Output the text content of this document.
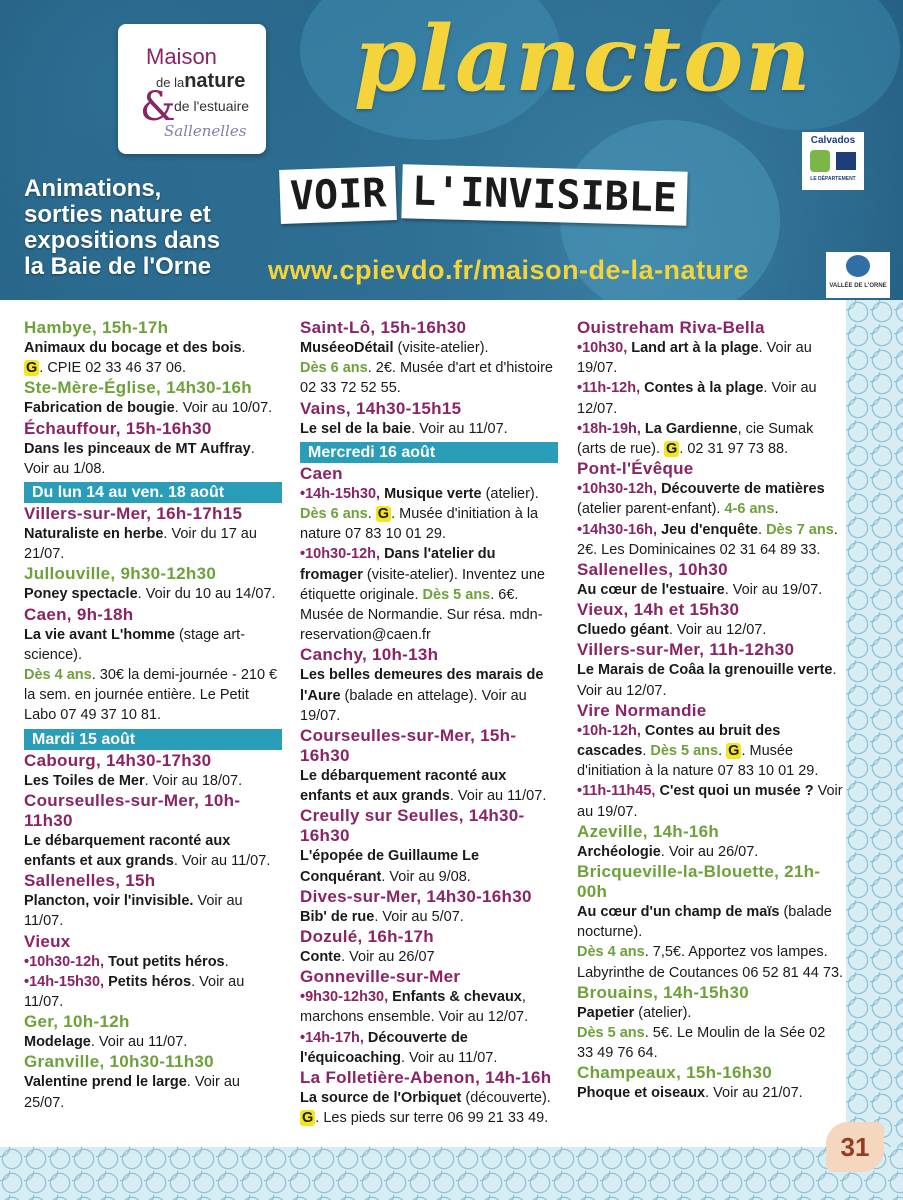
Maison
de lanature
&
de l'estuaire
Sallenelles
Animations,
sorties nature et
expositions dans
la Baie de l'Orne
plancton
VOIR L'INVISIBLE
www.cpievdo.fr/maison-de-la-nature
Calvados
LE DÉPARTEMENT
VALLÉE DE L'ORNE
31
Hambye, 15h-17h
Animaux du bocage et des bois.
G . CPIE 02 33 46 37 06.
Ste-Mère-Église, 14h30-16h
Fabrication de bougie. Voir au 10/07.
Échauffour, 15h-16h30
Dans les pinceaux de MT Auffray. Voir au 1/08.
Du lun 14 au ven. 18 août
Villers-sur-Mer, 16h-17h15
Naturaliste en herbe. Voir du 17 au 21/07.
Jullouville, 9h30-12h30
Poney spectacle. Voir du 10 au 14/07.
Caen, 9h-18h
La vie avant L'homme (stage art-science).
Dès 4 ans. 30€ la demi-journée - 210 € la sem. en journée entière. Le Petit Labo 07 49 37 10 81.
Mardi 15 août
Cabourg, 14h30-17h30
Les Toiles de Mer. Voir au 18/07.
Courseulles-sur-Mer, 10h-11h30
Le débarquement raconté aux enfants et aux grands. Voir au 11/07.
Sallenelles, 15h
Plancton, voir l'invisible. Voir au 11/07.
Vieux
•10h30-12h, Tout petits héros.
•14h-15h30, Petits héros. Voir au 11/07.
Ger, 10h-12h
Modelage. Voir au 11/07.
Granville, 10h30-11h30
Valentine prend le large. Voir au 25/07.
Saint-Lô, 15h-16h30
MuséeoDétail (visite-atelier).
Dès 6 ans. 2€. Musée d'art et d'histoire 02 33 72 52 55.
Vains, 14h30-15h15
Le sel de la baie. Voir au 11/07.
Mercredi 16 août
Caen
•14h-15h30, Musique verte (atelier). Dès 6 ans. G . Musée d'initiation à la nature 07 83 10 01 29.
•10h30-12h, Dans l'atelier du fromager (visite-atelier). Inventez une étiquette originale. Dès 5 ans. 6€. Musée de Normandie. Sur résa. mdn-reservation@caen.fr
Canchy, 10h-13h
Les belles demeures des marais de l'Aure (balade en attelage). Voir au 19/07.
Courseulles-sur-Mer, 15h-16h30
Le débarquement raconté aux enfants et aux grands. Voir au 11/07.
Creully sur Seulles, 14h30-16h30
L'épopée de Guillaume Le Conquérant. Voir au 9/08.
Dives-sur-Mer, 14h30-16h30
Bib' de rue. Voir au 5/07.
Dozulé, 16h-17h
Conte. Voir au 26/07
Gonneville-sur-Mer
•9h30-12h30, Enfants & chevaux, marchons ensemble. Voir au 12/07.
•14h-17h, Découverte de l'équicoaching. Voir au 11/07.
La Folletière-Abenon, 14h-16h
La source de l'Orbiquet (découverte).
G . Les pieds sur terre 06 99 21 33 49.
Ouistreham Riva-Bella
•10h30, Land art à la plage. Voir au 19/07.
•11h-12h, Contes à la plage. Voir au 12/07.
•18h-19h, La Gardienne, cie Sumak (arts de rue). G . 02 31 97 73 88.
Pont-l'Évêque
•10h30-12h, Découverte de matières (atelier parent-enfant). 4-6 ans.
•14h30-16h, Jeu d'enquête. Dès 7 ans. 2€. Les Dominicaines 02 31 64 89 33.
Sallenelles, 10h30
Au cœur de l'estuaire. Voir au 19/07.
Vieux, 14h et 15h30
Cluedo géant. Voir au 12/07.
Villers-sur-Mer, 11h-12h30
Le Marais de Coâa la grenouille verte. Voir au 12/07.
Vire Normandie
•10h-12h, Contes au bruit des cascades. Dès 5 ans. G . Musée d'initiation à la nature 07 83 10 01 29.
•11h-11h45, C'est quoi un musée ? Voir au 19/07.
Azeville, 14h-16h
Archéologie. Voir au 26/07.
Bricqueville-la-Blouette, 21h-00h
Au cœur d'un champ de maïs (balade nocturne).
Dès 4 ans. 7,5€. Apportez vos lampes. Labyrinthe de Coutances 06 52 81 44 73.
Brouains, 14h-15h30
Papetier (atelier).
Dès 5 ans. 5€. Le Moulin de la Sée 02 33 49 76 64.
Champeaux, 15h-16h30
Phoque et oiseaux. Voir au 21/07.
